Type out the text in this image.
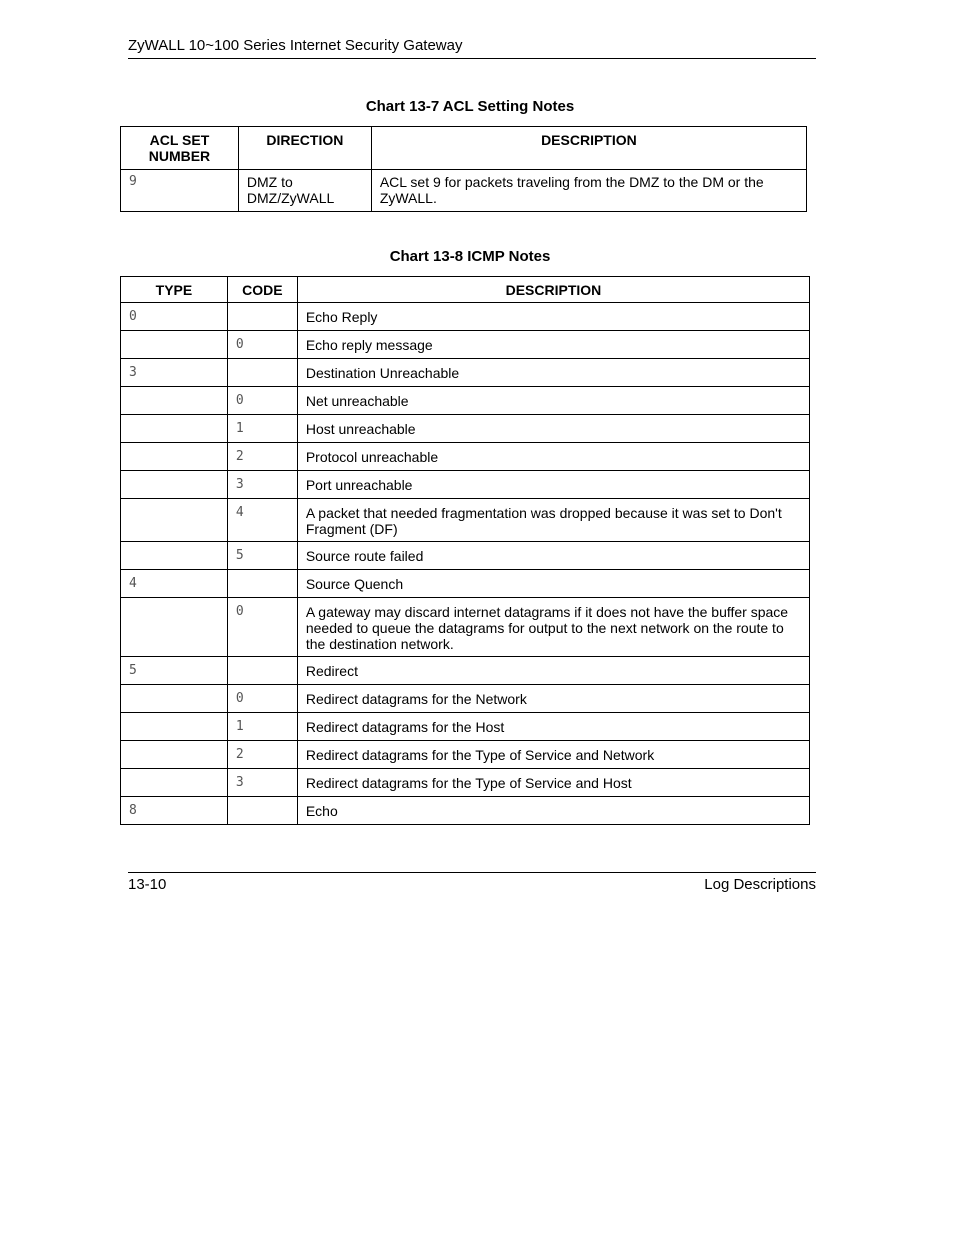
ZyWALL 10~100 Series Internet Security Gateway
Chart 13-7 ACL Setting Notes
ACL SET NUMBER	DIRECTION	DESCRIPTION
9	DMZ to DMZ/ZyWALL	ACL set 9 for packets traveling from the DMZ to the DM or the ZyWALL.
Chart 13-8 ICMP Notes
TYPE	CODE	DESCRIPTION
0		Echo Reply
	0	Echo reply message
3		Destination Unreachable
	0	Net unreachable
	1	Host unreachable
	2	Protocol unreachable
	3	Port unreachable
	4	A packet that needed fragmentation was dropped because it was set to Don't Fragment (DF)
	5	Source route failed
4		Source Quench
	0	A gateway may discard internet datagrams if it does not have the buffer space needed to queue the datagrams for output to the next network on the route to the destination network.
5		Redirect
	0	Redirect datagrams for the Network
	1	Redirect datagrams for the Host
	2	Redirect datagrams for the Type of Service and Network
	3	Redirect datagrams for the Type of Service and Host
8		Echo
13-10	Log Descriptions
